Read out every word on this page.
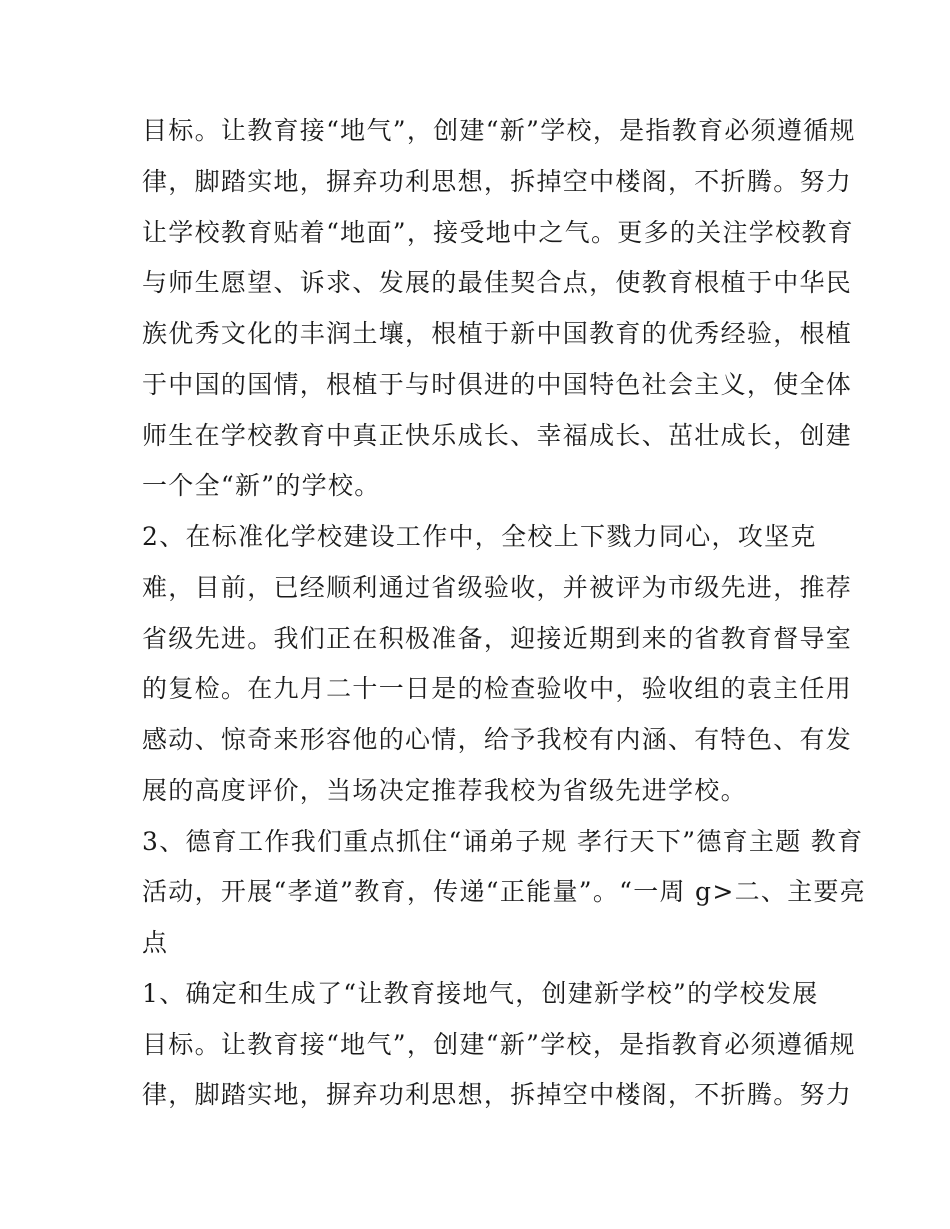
目标。让教育接“地气”，创建“新”学校，是指教育必须遵循规
律，脚踏实地，摒弃功利思想，拆掉空中楼阁，不折腾。努力
让学校教育贴着“地面”，接受地中之气。更多的关注学校教育
与师生愿望、诉求、发展的最佳契合点，使教育根植于中华民
族优秀文化的丰润土壤，根植于新中国教育的优秀经验，根植
于中国的国情，根植于与时俱进的中国特色社会主义，使全体
师生在学校教育中真正快乐成长、幸福成长、茁壮成长，创建
一个全“新”的学校。
2、在标准化学校建设工作中，全校上下戮力同心，攻坚克
难，目前，已经顺利通过省级验收，并被评为市级先进，推荐
省级先进。我们正在积极准备，迎接近期到来的省教育督导室
的复检。在九月二十一日是的检查验收中，验收组的袁主任用
感动、惊奇来形容他的心情，给予我校有内涵、有特色、有发
展的高度评价，当场决定推荐我校为省级先进学校。
3、德育工作我们重点抓住“诵弟子规 孝行天下”德育主题 教育
活动，开展“孝道”教育，传递“正能量”。“一周 g>二、主要亮
点
1、确定和生成了“让教育接地气，创建新学校”的学校发展
目标。让教育接“地气”，创建“新”学校，是指教育必须遵循规
律，脚踏实地，摒弃功利思想，拆掉空中楼阁，不折腾。努力
